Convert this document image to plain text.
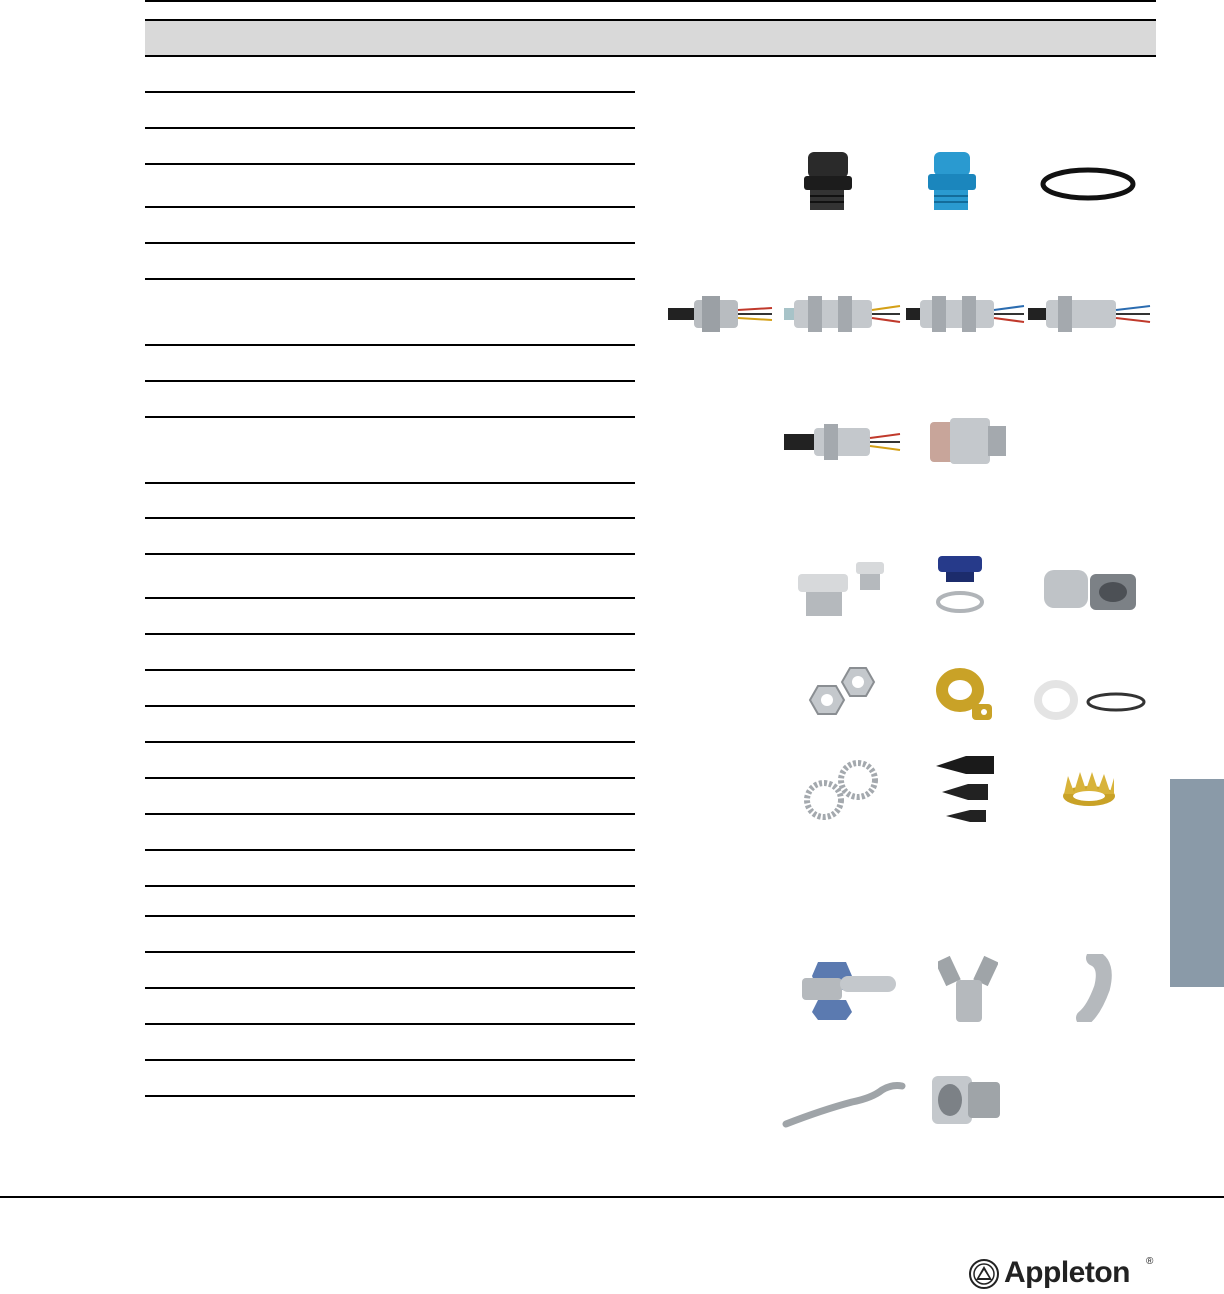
Appleton ®
